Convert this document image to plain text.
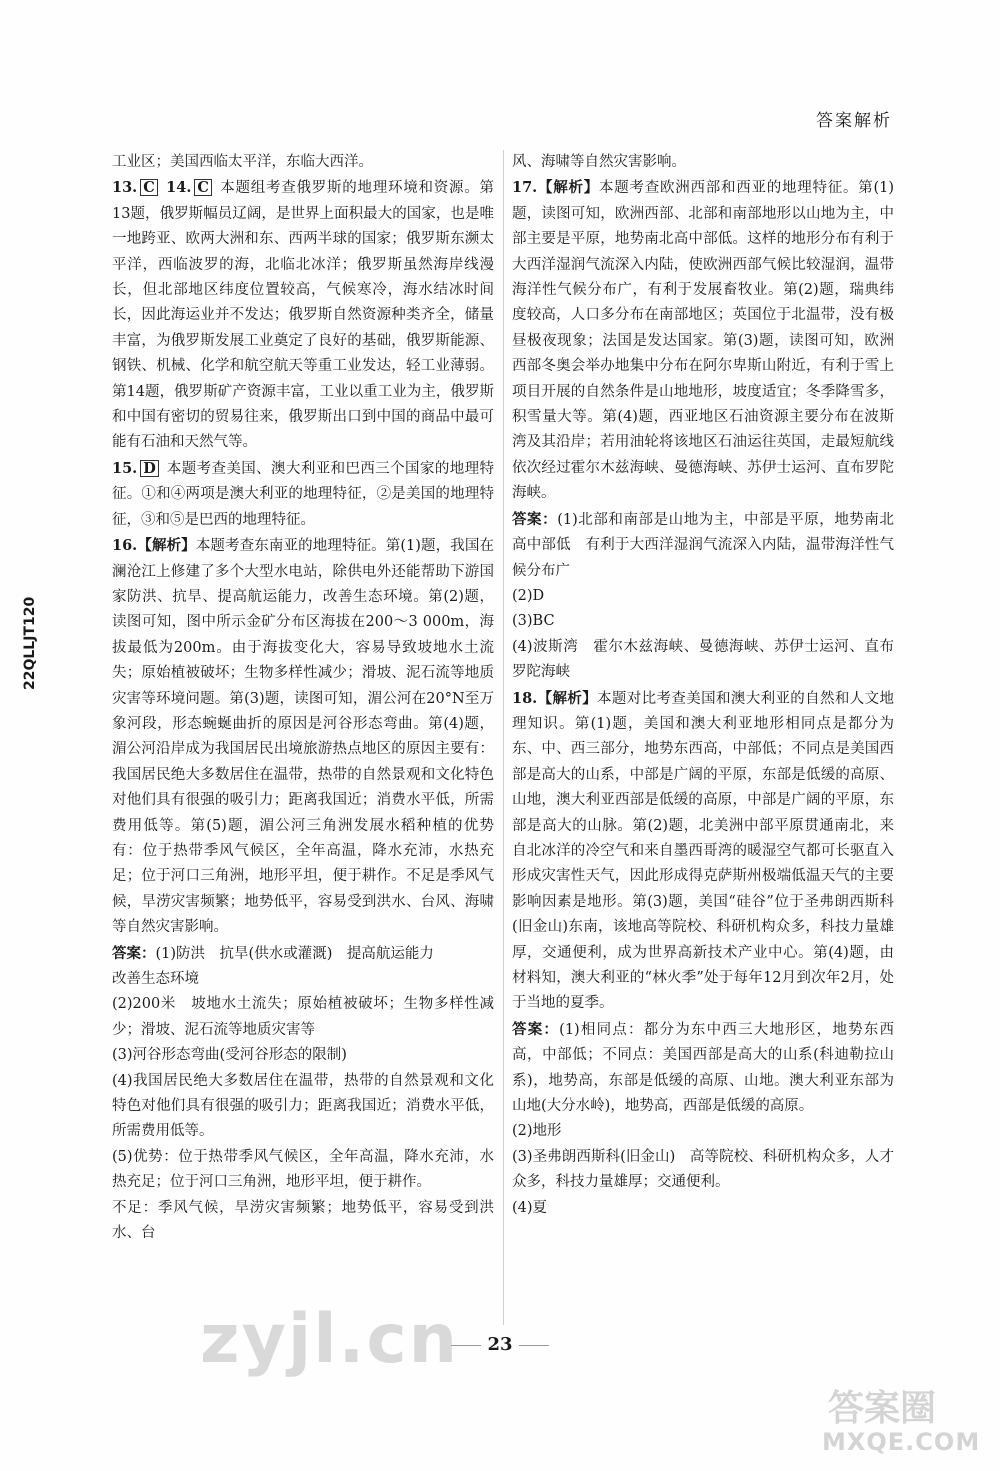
答案解析
22QLLJT120

工业区；美国西临太平洋，东临大西洋。

13. C 14. C 本题组考查俄罗斯的地理环境和资源。第13题，俄罗斯幅员辽阔，是世界上面积最大的国家，也是唯一地跨亚、欧两大洲和东、西两半球的国家；俄罗斯东濒太平洋，西临波罗的海，北临北冰洋；俄罗斯虽然海岸线漫长，但北部地区纬度位置较高，气候寒冷，海水结冰时间长，因此海运业并不发达；俄罗斯自然资源种类齐全，储量丰富，为俄罗斯发展工业奠定了良好的基础，俄罗斯能源、钢铁、机械、化学和航空航天等重工业发达，轻工业薄弱。第14题，俄罗斯矿产资源丰富，工业以重工业为主，俄罗斯和中国有密切的贸易往来，俄罗斯出口到中国的商品中最可能有石油和天然气等。

15. D 本题考查美国、澳大利亚和巴西三个国家的地理特征。①和④两项是澳大利亚的地理特征，②是美国的地理特征，③和⑤是巴西的地理特征。

16.【解析】本题考查东南亚的地理特征。第(1)题，我国在澜沧江上修建了多个大型水电站，除供电外还能帮助下游国家防洪、抗旱、提高航运能力，改善生态环境。第(2)题，读图可知，图中所示金矿分布区海拔在200～3 000m，海拔最低为200m。由于海拔变化大，容易导致坡地水土流失；原始植被破坏；生物多样性减少；滑坡、泥石流等地质灾害等环境问题。第(3)题，读图可知，湄公河在20°N至万象河段，形态蜿蜒曲折的原因是河谷形态弯曲。第(4)题，湄公河沿岸成为我国居民出境旅游热点地区的原因主要有：我国居民绝大多数居住在温带，热带的自然景观和文化特色对他们具有很强的吸引力；距离我国近；消费水平低，所需费用低等。第(5)题，湄公河三角洲发展水稻种植的优势有：位于热带季风气候区，全年高温，降水充沛，水热充足；位于河口三角洲，地形平坦，便于耕作。不足是季风气候，旱涝灾害频繁；地势低平，容易受到洪水、台风、海啸等自然灾害影响。

答案：(1)防洪　抗旱(供水或灌溉)　提高航运能力

改善生态环境

(2)200米　坡地水土流失；原始植被破坏；生物多样性减少；滑坡、泥石流等地质灾害等

(3)河谷形态弯曲(受河谷形态的限制)

(4)我国居民绝大多数居住在温带，热带的自然景观和文化特色对他们具有很强的吸引力；距离我国近；消费水平低，所需费用低等。

(5)优势：位于热带季风气候区，全年高温，降水充沛，水热充足；位于河口三角洲，地形平坦，便于耕作。

不足：季风气候，旱涝灾害频繁；地势低平，容易受到洪水、台

风、海啸等自然灾害影响。

17.【解析】本题考查欧洲西部和西亚的地理特征。第(1)题，读图可知，欧洲西部、北部和南部地形以山地为主，中部主要是平原，地势南北高中部低。这样的地形分布有利于大西洋湿润气流深入内陆，使欧洲西部气候比较湿润，温带海洋性气候分布广，有利于发展畜牧业。第(2)题，瑞典纬度较高，人口多分布在南部地区；英国位于北温带，没有极昼极夜现象；法国是发达国家。第(3)题，读图可知，欧洲西部冬奥会举办地集中分布在阿尔卑斯山附近，有利于雪上项目开展的自然条件是山地地形，坡度适宜；冬季降雪多，积雪量大等。第(4)题，西亚地区石油资源主要分布在波斯湾及其沿岸；若用油轮将该地区石油运往英国，走最短航线依次经过霍尔木兹海峡、曼德海峡、苏伊士运河、直布罗陀海峡。

答案：(1)北部和南部是山地为主，中部是平原，地势南北高中部低　有利于大西洋湿润气流深入内陆，温带海洋性气候分布广

(2)D

(3)BC

(4)波斯湾　霍尔木兹海峡、曼德海峡、苏伊士运河、直布罗陀海峡

18.【解析】本题对比考查美国和澳大利亚的自然和人文地理知识。第(1)题，美国和澳大利亚地形相同点是都分为东、中、西三部分，地势东西高，中部低；不同点是美国西部是高大的山系，中部是广阔的平原，东部是低缓的高原、山地，澳大利亚西部是低缓的高原，中部是广阔的平原，东部是高大的山脉。第(2)题，北美洲中部平原贯通南北，来自北冰洋的冷空气和来自墨西哥湾的暖湿空气都可长驱直入形成灾害性天气，因此形成得克萨斯州极端低温天气的主要影响因素是地形。第(3)题，美国“硅谷”位于圣弗朗西斯科(旧金山)东南，该地高等院校、科研机构众多，科技力量雄厚，交通便利，成为世界高新技术产业中心。第(4)题，由材料知，澳大利亚的“林火季”处于每年12月到次年2月，处于当地的夏季。

答案：(1)相同点：都分为东中西三大地形区，地势东西高，中部低；不同点：美国西部是高大的山系(科迪勒拉山系)，地势高，东部是低缓的高原、山地。澳大利亚东部为山地(大分水岭)，地势高，西部是低缓的高原。

(2)地形

(3)圣弗朗西斯科(旧金山)　高等院校、科研机构众多，人才众多，科技力量雄厚；交通便利。

(4)夏

23
zyjl.cn
答案圈
MXQE.COM
